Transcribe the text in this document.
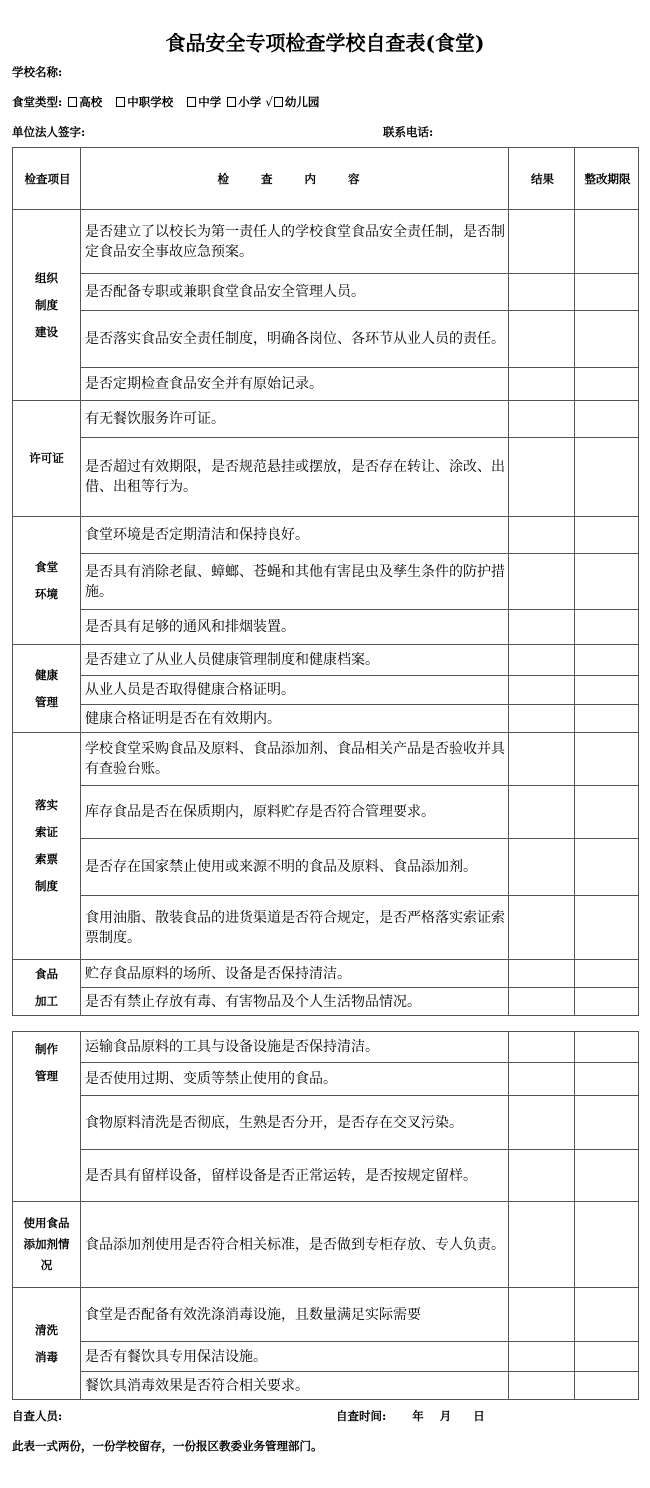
食品安全专项检查学校自查表(食堂)
学校名称:
食堂类型: 高校 中职学校 中学 小学 √ 幼儿园
单位法人签字:	联系电话:
检查项目	检 查 内 容	结果	整改期限
组织
制度
建设	是否建立了以校长为第一责任人的学校食堂食品安全责任制，是否制定食品安全事故应急预案。		
	是否配备专职或兼职食堂食品安全管理人员。		
	是否落实食品安全责任制度，明确各岗位、各环节从业人员的责任。		
	是否定期检查食品安全并有原始记录。		
许可证	有无餐饮服务许可证。		
	是否超过有效期限，是否规范悬挂或摆放，是否存在转让、涂改、出借、出租等行为。		
食堂
环境	食堂环境是否定期清洁和保持良好。		
	是否具有消除老鼠、蟑螂、苍蝇和其他有害昆虫及孳生条件的防护措施。		
	是否具有足够的通风和排烟装置。		
健康
管理	是否建立了从业人员健康管理制度和健康档案。		
	从业人员是否取得健康合格证明。		
	健康合格证明是否在有效期内。		
落实
索证
索票
制度	学校食堂采购食品及原料、食品添加剂、食品相关产品是否验收并具有查验台账。		
	库存食品是否在保质期内，原料贮存是否符合管理要求。		
	是否存在国家禁止使用或来源不明的食品及原料、食品添加剂。		
	食用油脂、散装食品的进货渠道是否符合规定，是否严格落实索证索票制度。		
食品
加工	贮存食品原料的场所、设备是否保持清洁。		
	是否有禁止存放有毒、有害物品及个人生活物品情况。		
制作
管理	运输食品原料的工具与设备设施是否保持清洁。		
	是否使用过期、变质等禁止使用的食品。		
	食物原料清洗是否彻底，生熟是否分开，是否存在交叉污染。		
	是否具有留样设备，留样设备是否正常运转，是否按规定留样。		
使用食品
添加剂情
况	食品添加剂使用是否符合相关标准，是否做到专柜存放、专人负责。		
清洗
消毒	食堂是否配备有效洗涤消毒设施，且数量满足实际需要		
	是否有餐饮具专用保洁设施。		
	餐饮具消毒效果是否符合相关要求。		
自查人员:	自查时间: 年 月 日
此表一式两份，一份学校留存，一份报区教委业务管理部门。
